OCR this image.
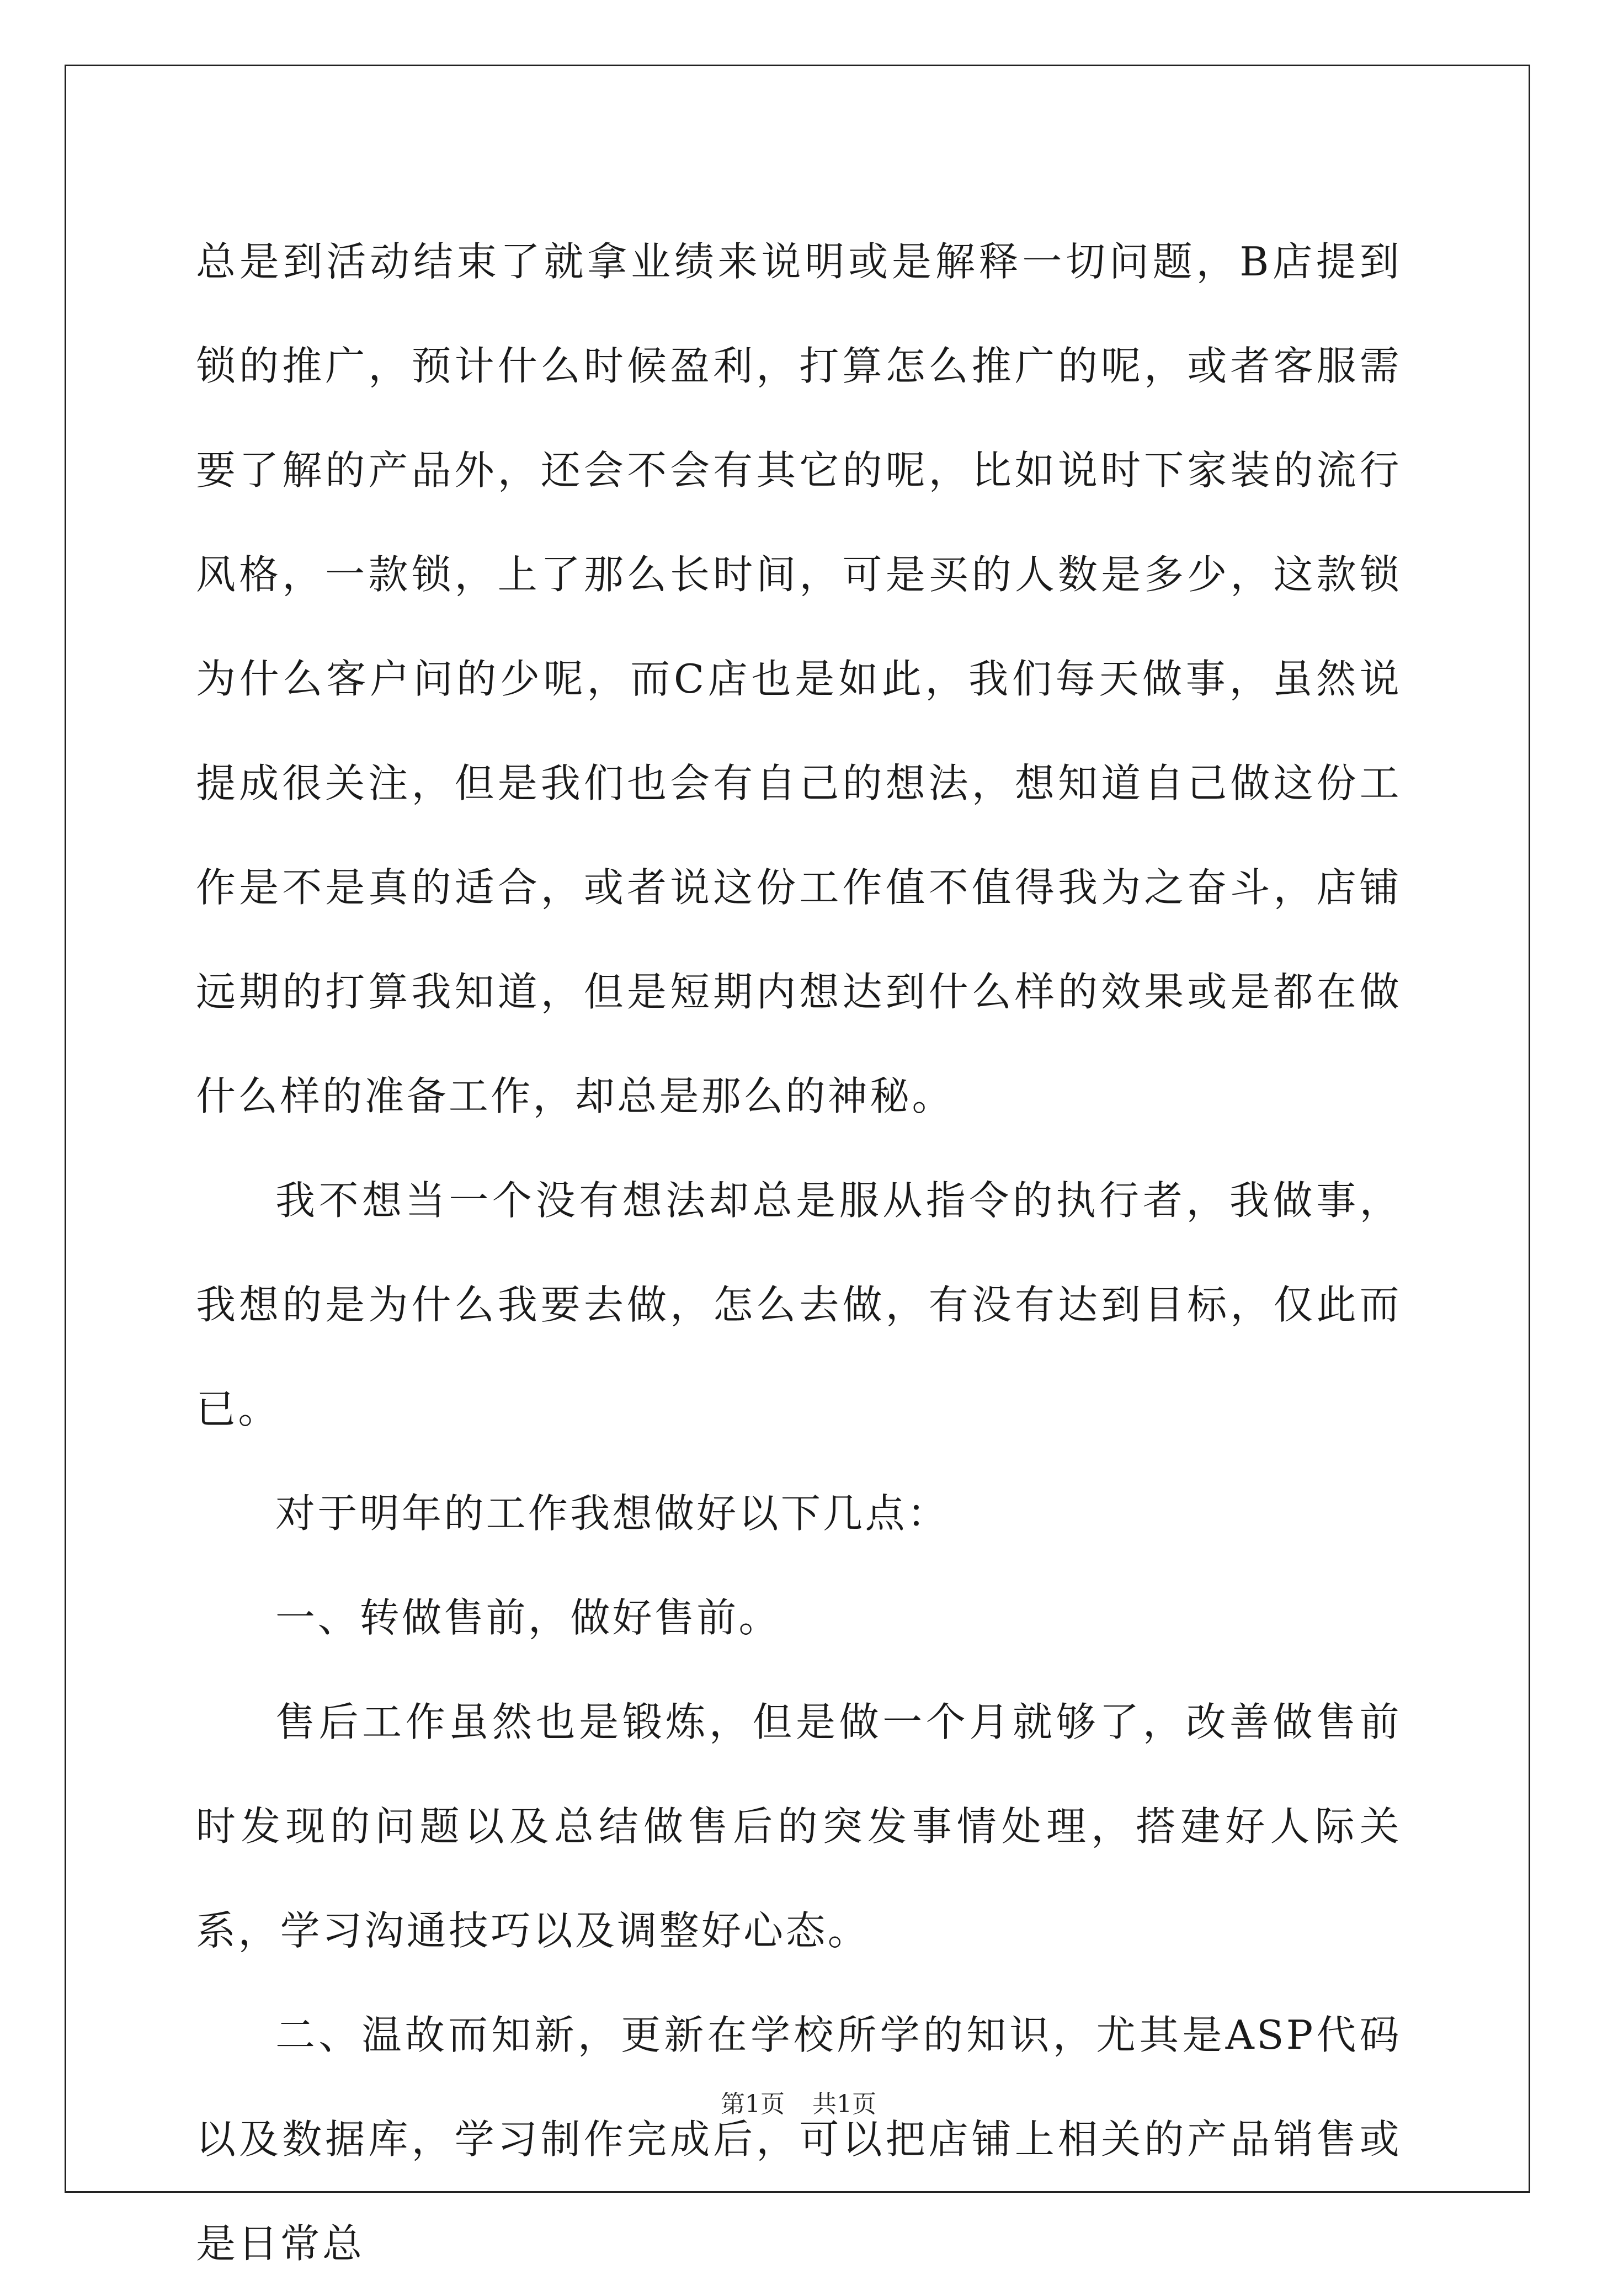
总是到活动结束了就拿业绩来说明或是解释一切问题，B店提到锁的推广，预计什么时候盈利，打算怎么推广的呢，或者客服需要了解的产品外，还会不会有其它的呢，比如说时下家装的流行风格，一款锁，上了那么长时间，可是买的人数是多少，这款锁为什么客户问的少呢，而C店也是如此，我们每天做事，虽然说提成很关注，但是我们也会有自己的想法，想知道自己做这份工作是不是真的适合，或者说这份工作值不值得我为之奋斗，店铺远期的打算我知道，但是短期内想达到什么样的效果或是都在做什么样的准备工作，却总是那么的神秘。

我不想当一个没有想法却总是服从指令的执行者，我做事，我想的是为什么我要去做，怎么去做，有没有达到目标，仅此而已。

对于明年的工作我想做好以下几点：

一、转做售前，做好售前。

售后工作虽然也是锻炼，但是做一个月就够了，改善做售前时发现的问题以及总结做售后的突发事情处理，搭建好人际关系，学习沟通技巧以及调整好心态。

二、温故而知新，更新在学校所学的知识，尤其是ASP代码以及数据库，学习制作完成后，可以把店铺上相关的产品销售或是日常总

第1页 共1页
